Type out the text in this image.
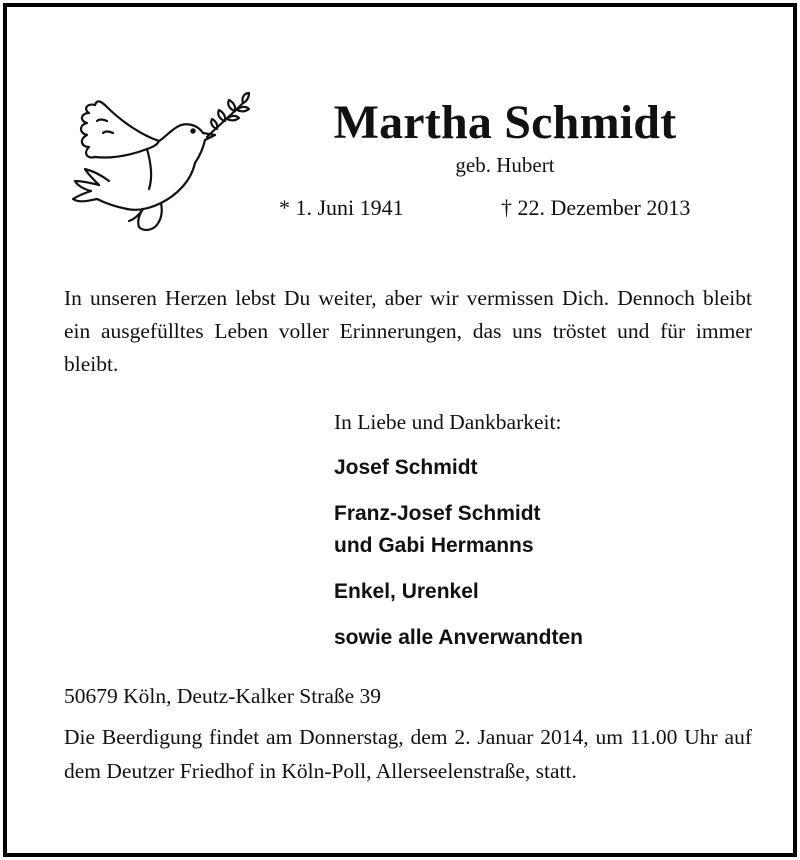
Martha Schmidt
geb. Hubert
* 1. Juni 1941	† 22. Dezember 2013

In unseren Herzen lebst Du weiter, aber wir vermissen Dich. Dennoch bleibt ein ausgefülltes Leben voller Erinnerungen, das uns tröstet und für immer bleibt.

In Liebe und Dankbarkeit:
Josef Schmidt
Franz-Josef Schmidt
und Gabi Hermanns
Enkel, Urenkel
sowie alle Anverwandten
50679 Köln, Deutz-Kalker Straße 39

Die Beerdigung findet am Donnerstag, dem 2. Januar 2014, um 11.00 Uhr auf dem Deutzer Friedhof in Köln-Poll, Allerseelenstraße, statt.
